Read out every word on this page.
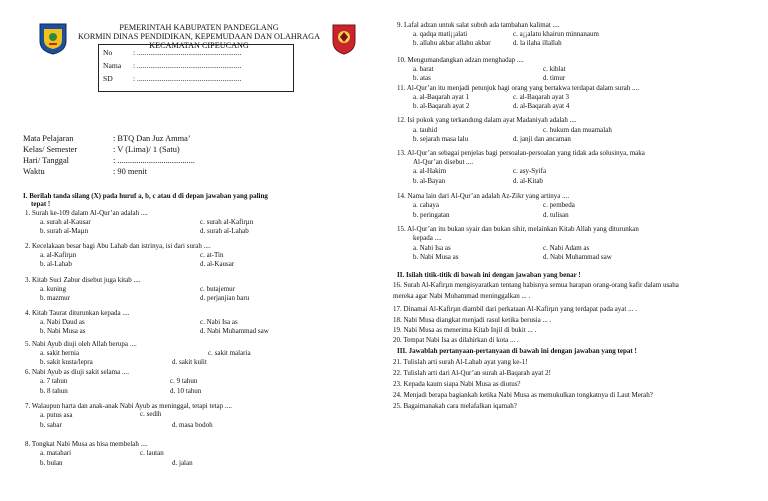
PEMERINTAH KABUPATEN PANDEGLANG
KORMIN DINAS PENDIDIKAN, KEPEMUDAAN DAN OLAHRAGA
KECAMATAN CIPEUCANG
No	: .......................................................
Nama : .......................................................
SD	: .......................................................
Mata Pelajaran	: BTQ Dan Juz Amma’
Kelas/ Semester	: V (Lima)/ 1 (Satu)
Hari/ Tanggal	: .....................................
Waktu	: 90 menit
I. Berilah tanda silang (X) pada huruf a, b, c atau d di depan jawaban yang paling
tepat !
1. Surah ke-109 dalam Al-Qur’an adalah ....
a. surah al-Kausar	c. surah al-Kafirµn
b. surah al-Maµn	d. surah al-Lahab
2. Kecelakaan besar bagi Abu Lahab dan istrinya, isi dari surah ....
a. al-Kafirµn	c. at-Tin
b. al-Lahab	d. al-Kausar
3. Kitab Suci Zabur disebut juga kitab ....
a. kuning	c. butajemur
b. mazmur	d. perjanjian baru
4. Kitab Taurat diturunkan kepada ....
a. Nabi Daud as	c. Nabi Isa as
b. Nabi Musa as	d. Nabi Muhammad saw
5. Nabi Ayub diuji oleh Allah berupa ....
a. sakit hernia	c. sakit malaria
b. sakit kusta/lepra	d. sakit kulit
6. Nabi Ayub as diuji sakit selama ....
a. 7 tahun	c. 9 tahun
b. 8 tahun	d. 10 tahun
7. Walaupun harta dan anak-anak Nabi Ayub as meninggal, tetapi tetap ....
a. putus asa	c. sedih
b. sabar	d. masa bodoh
8. Tongkat Nabi Musa as bisa membelah ....
a. matahari	c. lautan
b. bulan	d. jalan
9. Lafal adzan untuk salat subuh ada tambahan kalimat ....
a. qadqa mati¡¡alati	c. a¡¡alatu khairun minnanaum
b. allahu akbar allahu akbar	d. la ilaha illallah
10. Mengumandangkan adzan menghadap ....
a. barat	c. kiblat
b. atas	d. timur
11. Al-Qur’an itu menjadi petunjuk bagi orang yang bertakwa terdapat dalam surah ....
a. al-Baqarah ayat 1	c. al-Baqarah ayat 3
b. al-Baqarah ayat 2	d. al-Baqarah ayat 4
12. Isi pokok yang terkandung dalam ayat Madaniyah adalah ....
a. tauhid	c. hukum dan muamalah
b. sejarah masa lalu	d. janji dan ancaman
13. Al-Qur’an sebagai penjelas bagi persoalan-persoalan yang tidak ada solusinya, maka
Al-Qur’an disebut ....
a. al-Hakim	c. asy-Syifa
b. al-Bayan	d. al-Kitab
14. Nama lain dari Al-Qur’an adalah Az-Zikr yang artinya ....
a. cahaya	c. pembeda
b. peringatan	d. tulisan
15. Al-Qur’an itu bukan syair dan bukan sihir, melainkan Kitab Allah yang diturunkan
kepada ....
a. Nabi Isa as	c. Nabi Adam as
b. Nabi Musa as	d. Nabi Muhammad saw
II. Isilah titik-titik di bawah ini dengan jawaban yang benar !
16. Surah Al-Kafirµn mengisyaratkan tentang habisnya semua harapan orang-orang kafir dalam usaha
mereka agar Nabi Muhammad meninggalkan ... .
17. Dinamai Al-Kafirµn diambil dari perkataan Al-Kafirµn yang terdapat pada ayat ... .
18. Nabi Musa diangkat menjadi rasul ketika berusia ... .
19. Nabi Musa as menerima Kitab Injil di bukit ... .
20. Tempat Nabi Isa as dilahirkan di kota ... .
III. Jawablah pertanyaan-pertanyaan di bawah ini dengan jawaban yang tepat !
21. Tulislah arti surah Al-Lahab ayat yang ke-1!
22. Tulislah arti dari Al-Qur’an surah al-Baqarah ayat 2!
23. Kepada kaum siapa Nabi Musa as diutus?
24. Menjadi berapa bagiankah ketika Nabi Musa as memukulkan tongkatnya di Laut Merah?
25. Bagaimanakah cara melafalkan iqamah?
